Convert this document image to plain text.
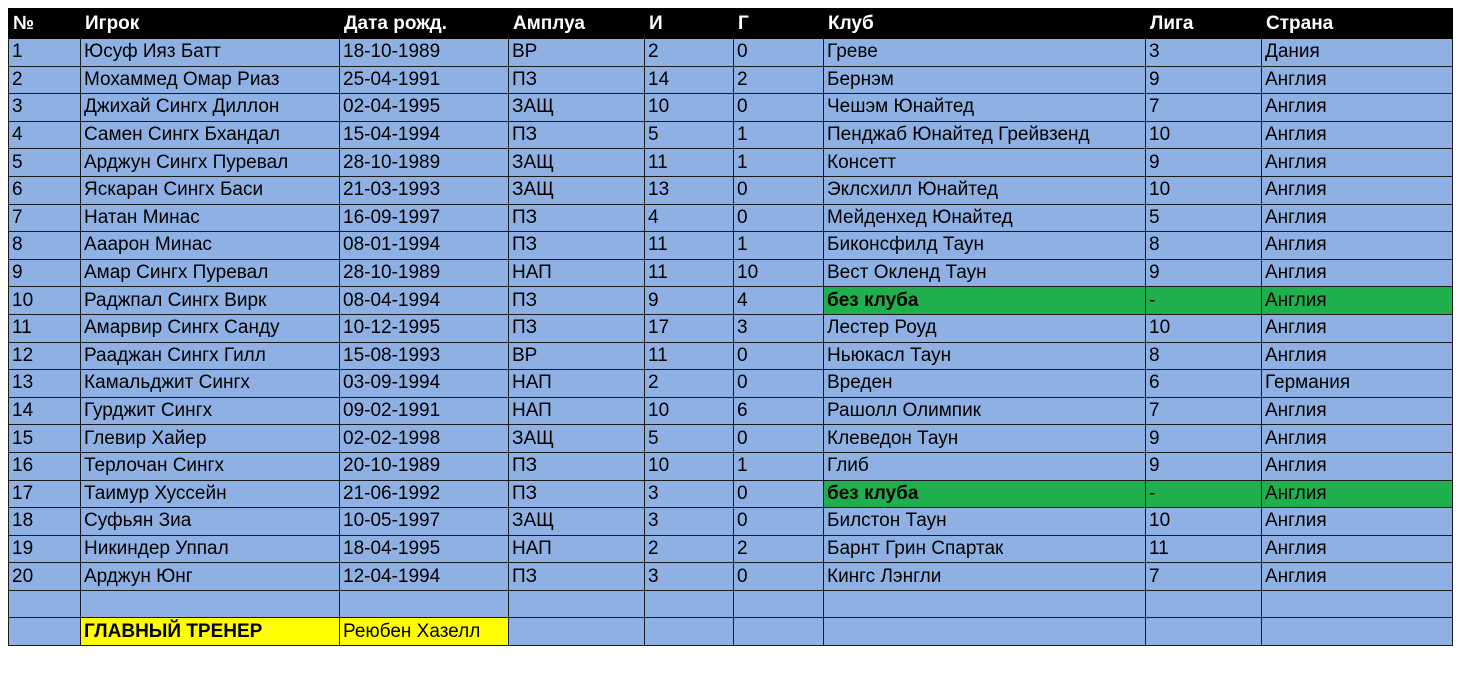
№	Игрок	Дата рожд.	Амплуа	И	Г	Клуб	Лига	Страна
1	Юсуф Ияз Батт	18-10-1989	ВР	2	0	Греве	3	Дания
2	Мохаммед Омар Риаз	25-04-1991	ПЗ	14	2	Бернэм	9	Англия
3	Джихай Сингх Диллон	02-04-1995	ЗАЩ	10	0	Чешэм Юнайтед	7	Англия
4	Самен Сингх Бхандал	15-04-1994	ПЗ	5	1	Пенджаб Юнайтед Грейвзенд	10	Англия
5	Арджун Сингх Пуревал	28-10-1989	ЗАЩ	11	1	Консетт	9	Англия
6	Яскаран Сингх Баси	21-03-1993	ЗАЩ	13	0	Эклсхилл Юнайтед	10	Англия
7	Натан Минас	16-09-1997	ПЗ	4	0	Мейденхед Юнайтед	5	Англия
8	Ааарон Минас	08-01-1994	ПЗ	11	1	Биконсфилд Таун	8	Англия
9	Амар Сингх Пуревал	28-10-1989	НАП	11	10	Вест Окленд Таун	9	Англия
10	Раджпал Сингх Вирк	08-04-1994	ПЗ	9	4	без клуба	-	Англия
11	Амарвир Сингх Санду	10-12-1995	ПЗ	17	3	Лестер Роуд	10	Англия
12	Рааджан Сингх Гилл	15-08-1993	ВР	11	0	Ньюкасл Таун	8	Англия
13	Камальджит Сингх	03-09-1994	НАП	2	0	Вреден	6	Германия
14	Гурджит Сингх	09-02-1991	НАП	10	6	Рашолл Олимпик	7	Англия
15	Глевир Хайер	02-02-1998	ЗАЩ	5	0	Клеведон Таун	9	Англия
16	Терлочан Сингх	20-10-1989	ПЗ	10	1	Глиб	9	Англия
17	Таимур Хуссейн	21-06-1992	ПЗ	3	0	без клуба	-	Англия
18	Суфьян Зиа	10-05-1997	ЗАЩ	3	0	Билстон Таун	10	Англия
19	Никиндер Уппал	18-04-1995	НАП	2	2	Барнт Грин Спартак	11	Англия
20	Арджун Юнг	12-04-1994	ПЗ	3	0	Кингс Лэнгли	7	Англия

	ГЛАВНЫЙ ТРЕНЕР	Реюбен Хазелл						
